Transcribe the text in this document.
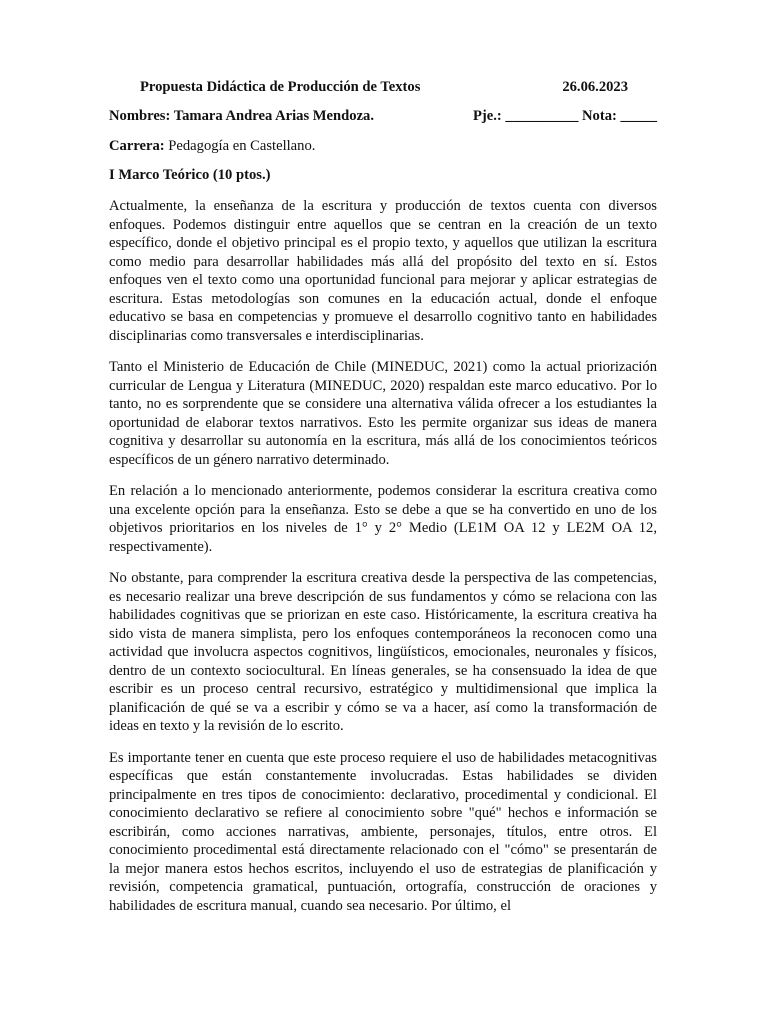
Propuesta Didáctica de Producción de Textos	26.06.2023
Nombres: Tamara Andrea Arias Mendoza.	Pje.: __________ Nota: _____
Carrera: Pedagogía en Castellano.
I Marco Teórico (10 ptos.)

Actualmente, la enseñanza de la escritura y producción de textos cuenta con diversos enfoques. Podemos distinguir entre aquellos que se centran en la creación de un texto específico, donde el objetivo principal es el propio texto, y aquellos que utilizan la escritura como medio para desarrollar habilidades más allá del propósito del texto en sí. Estos enfoques ven el texto como una oportunidad funcional para mejorar y aplicar estrategias de escritura. Estas metodologías son comunes en la educación actual, donde el enfoque educativo se basa en competencias y promueve el desarrollo cognitivo tanto en habilidades disciplinarias como transversales e interdisciplinarias.

Tanto el Ministerio de Educación de Chile (MINEDUC, 2021) como la actual priorización curricular de Lengua y Literatura (MINEDUC, 2020) respaldan este marco educativo. Por lo tanto, no es sorprendente que se considere una alternativa válida ofrecer a los estudiantes la oportunidad de elaborar textos narrativos. Esto les permite organizar sus ideas de manera cognitiva y desarrollar su autonomía en la escritura, más allá de los conocimientos teóricos específicos de un género narrativo determinado.

En relación a lo mencionado anteriormente, podemos considerar la escritura creativa como una excelente opción para la enseñanza. Esto se debe a que se ha convertido en uno de los objetivos prioritarios en los niveles de 1° y 2° Medio (LE1M OA 12 y LE2M OA 12, respectivamente).

No obstante, para comprender la escritura creativa desde la perspectiva de las competencias, es necesario realizar una breve descripción de sus fundamentos y cómo se relaciona con las habilidades cognitivas que se priorizan en este caso. Históricamente, la escritura creativa ha sido vista de manera simplista, pero los enfoques contemporáneos la reconocen como una actividad que involucra aspectos cognitivos, lingüísticos, emocionales, neuronales y físicos, dentro de un contexto sociocultural. En líneas generales, se ha consensuado la idea de que escribir es un proceso central recursivo, estratégico y multidimensional que implica la planificación de qué se va a escribir y cómo se va a hacer, así como la transformación de ideas en texto y la revisión de lo escrito.

Es importante tener en cuenta que este proceso requiere el uso de habilidades metacognitivas específicas que están constantemente involucradas. Estas habilidades se dividen principalmente en tres tipos de conocimiento: declarativo, procedimental y condicional. El conocimiento declarativo se refiere al conocimiento sobre "qué" hechos e información se escribirán, como acciones narrativas, ambiente, personajes, títulos, entre otros. El conocimiento procedimental está directamente relacionado con el "cómo" se presentarán de la mejor manera estos hechos escritos, incluyendo el uso de estrategias de planificación y revisión, competencia gramatical, puntuación, ortografía, construcción de oraciones y habilidades de escritura manual, cuando sea necesario. Por último, el
